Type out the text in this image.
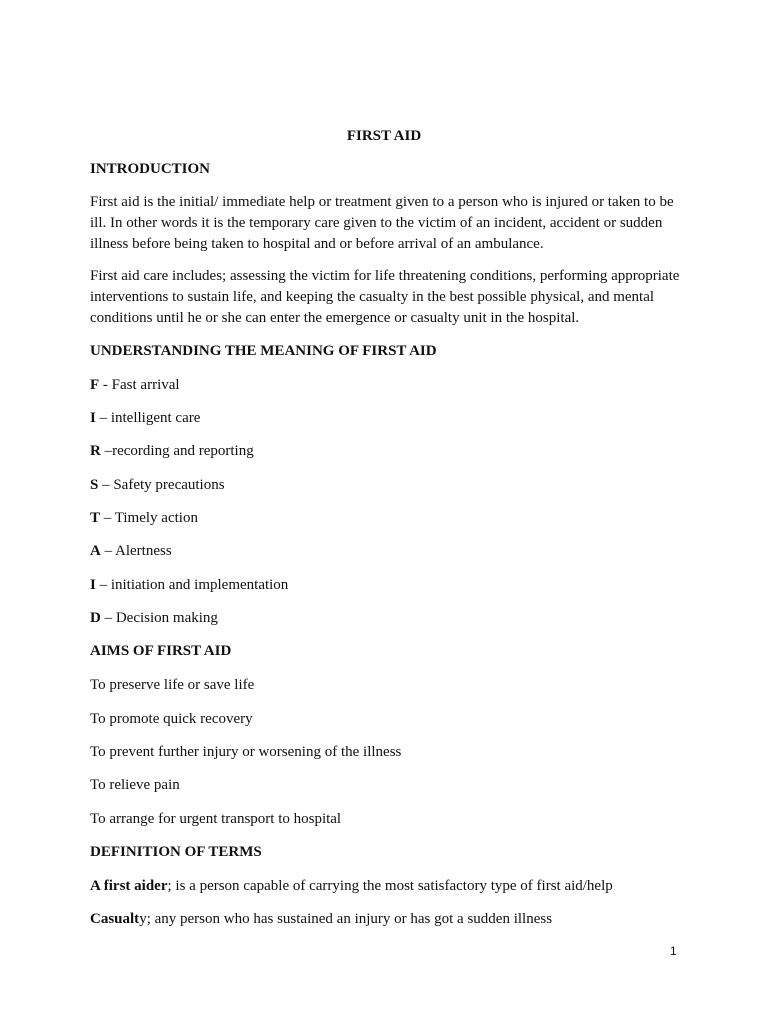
FIRST AID
INTRODUCTION
First aid is the initial/ immediate help or treatment given to a person who is injured or taken to be ill. In other words it is the temporary care given to the victim of an incident, accident or sudden illness before being taken to hospital and or before arrival of an ambulance.
First aid care includes; assessing the victim for life threatening conditions, performing appropriate interventions to sustain life, and keeping the casualty in the best possible physical, and mental conditions until he or she can enter the emergence or casualty unit in the hospital.
UNDERSTANDING THE MEANING OF FIRST AID
F - Fast arrival
I – intelligent care
R –recording and reporting
S – Safety precautions
T – Timely action
A – Alertness
I – initiation and implementation
D – Decision making
AIMS OF FIRST AID
To preserve life or save life
To promote quick recovery
To prevent further injury or worsening of the illness
To relieve pain
To arrange for urgent transport to hospital
DEFINITION OF TERMS
A first aider; is a person capable of carrying the most satisfactory type of first aid/help
Casualty; any person who has sustained an injury or has got a sudden illness
1
